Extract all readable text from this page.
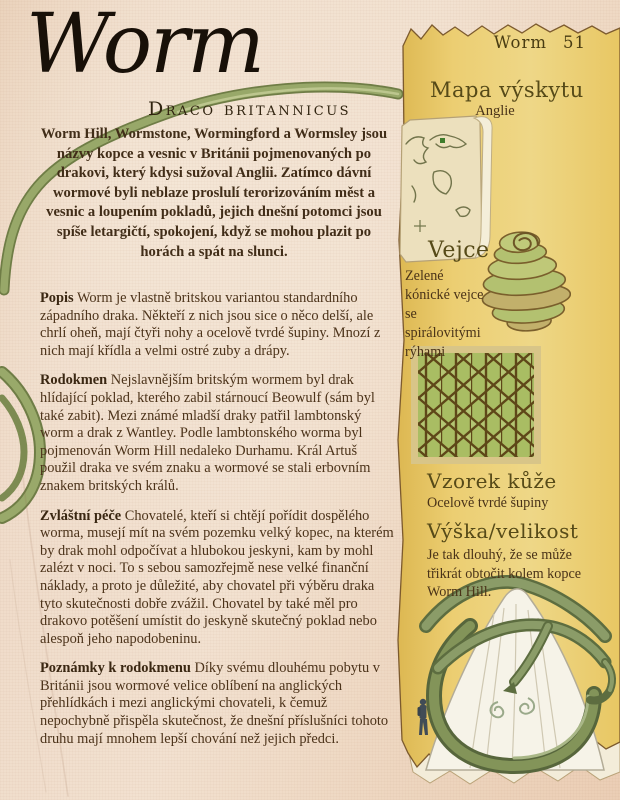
Worm
Draco britannicus
Worm Hill, Wormstone, Wormingford a Wormsley jsou názvy kopce a vesnic v Británii pojmenovaných po drakovi, který kdysi sužoval Anglii. Zatímco dávní wormové byli neblaze proslulí terorizováním měst a vesnic a loupením pokladů, jejich dnešní potomci jsou spíše letargičtí, spokojení, když se mohou plazit po horách a spát na slunci.

Popis Worm je vlastně britskou variantou standardního západního draka. Někteří z nich jsou sice o něco delší, ale chrlí oheň, mají čtyři nohy a ocelově tvrdé šupiny. Mnozí z nich mají křídla a velmi ostré zuby a drápy.

Rodokmen Nejslavnějším britským wormem byl drak hlídající poklad, kterého zabil stárnoucí Beowulf (sám byl také zabit). Mezi známé mladší draky patřil lambtonský worm a drak z Wantley. Podle lambtonského worma byl pojmenován Worm Hill nedaleko Durhamu. Král Artuš použil draka ve svém znaku a wormové se stali erbovním znakem britských králů.

Zvláštní péče Chovatelé, kteří si chtějí pořídit dospělého worma, musejí mít na svém pozemku velký kopec, na kterém by drak mohl odpočívat a hlubokou jeskyni, kam by mohl zalézt v noci. To s sebou samozřejmě nese velké finanční náklady, a proto je důležité, aby chovatel při výběru draka tyto skutečnosti dobře zvážil. Chovatel by také měl pro drakovo potěšení umístit do jeskyně skutečný poklad nebo alespoň jeho napodobeninu.

Poznámky k rodokmenu Díky svému dlouhému pobytu v Británii jsou wormové velice oblíbení na anglických přehlídkách i mezi anglickými chovateli, k čemuž nepochybně přispěla skutečnost, že dnešní příslušníci tohoto druhu mají mnohem lepší chování než jejich předci.

Worm 51
Mapa výskytu
Anglie
Vejce
Zelené kónické vejce se spirálovitými rýhami
Vzorek kůže
Ocelově tvrdé šupiny
Výška/velikost
Je tak dlouhý, že se může třikrát obtočit kolem kopce Worm Hill.
